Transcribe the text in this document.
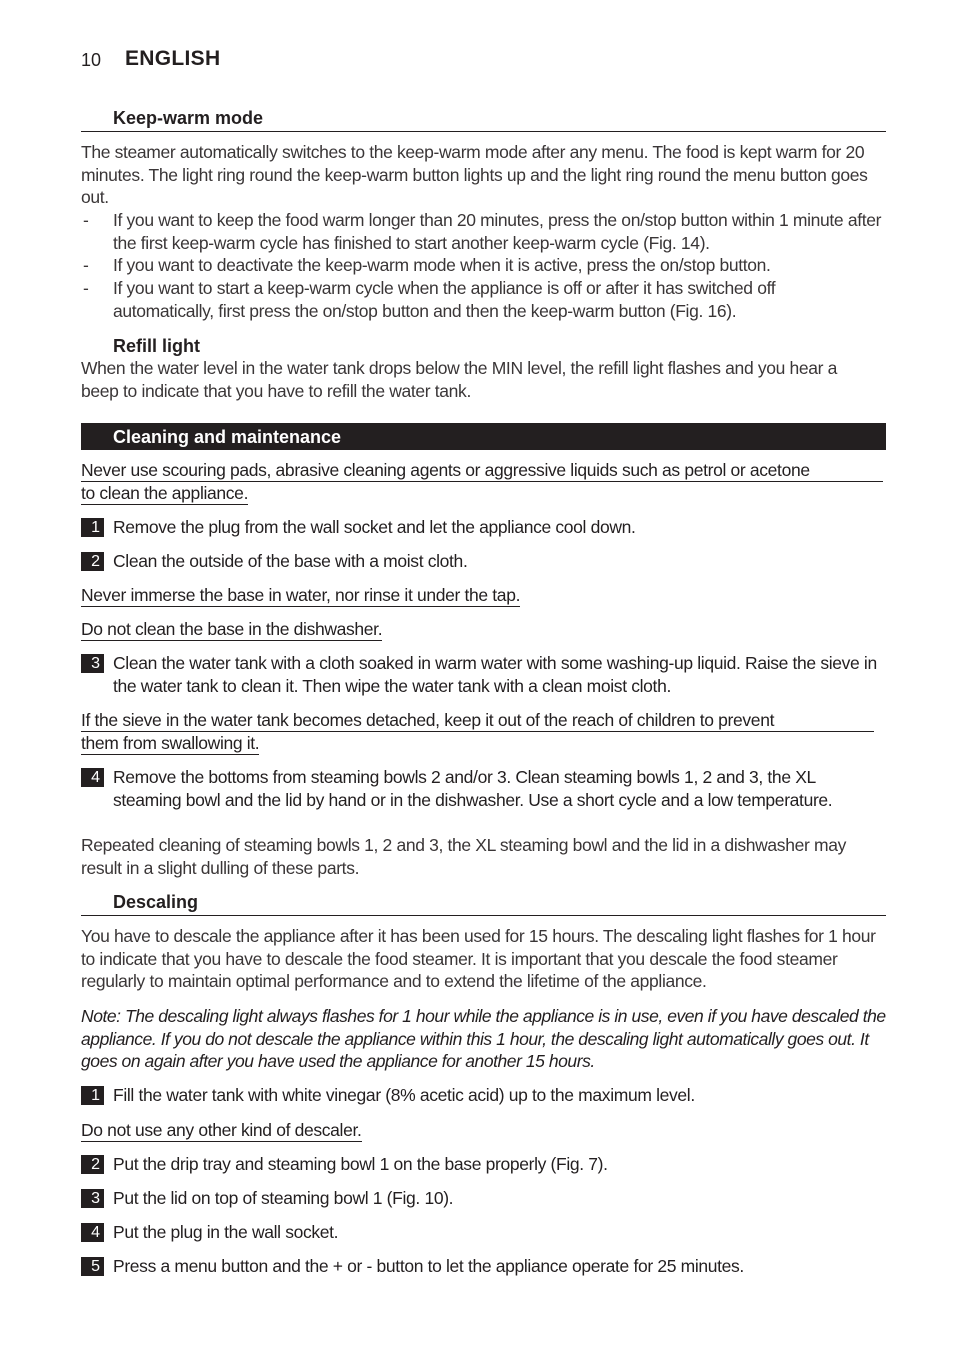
10 ENGLISH
Keep-warm mode
The steamer automatically switches to the keep-warm mode after any menu. The food is kept warm for 20 minutes. The light ring round the keep-warm button lights up and the light ring round the menu button goes out.
- If you want to keep the food warm longer than 20 minutes, press the on/stop button within 1 minute after the first keep-warm cycle has finished to start another keep-warm cycle (Fig. 14).
- If you want to deactivate the keep-warm mode when it is active, press the on/stop button.
- If you want to start a keep-warm cycle when the appliance is off or after it has switched off automatically, first press the on/stop button and then the keep-warm button (Fig. 16).
Refill light
When the water level in the water tank drops below the MIN level, the refill light flashes and you hear a beep to indicate that you have to refill the water tank.
Cleaning and maintenance
Never use scouring pads, abrasive cleaning agents or aggressive liquids such as petrol or acetone
to clean the appliance.
1 Remove the plug from the wall socket and let the appliance cool down.
2 Clean the outside of the base with a moist cloth.
Never immerse the base in water, nor rinse it under the tap.
Do not clean the base in the dishwasher.
3 Clean the water tank with a cloth soaked in warm water with some washing-up liquid. Raise the sieve in the water tank to clean it. Then wipe the water tank with a clean moist cloth.
If the sieve in the water tank becomes detached, keep it out of the reach of children to prevent
them from swallowing it.
4 Remove the bottoms from steaming bowls 2 and/or 3. Clean steaming bowls 1, 2 and 3, the XL steaming bowl and the lid by hand or in the dishwasher. Use a short cycle and a low temperature.
Repeated cleaning of steaming bowls 1, 2 and 3, the XL steaming bowl and the lid in a dishwasher may result in a slight dulling of these parts.
Descaling
You have to descale the appliance after it has been used for 15 hours. The descaling light flashes for 1 hour to indicate that you have to descale the food steamer. It is important that you descale the food steamer regularly to maintain optimal performance and to extend the lifetime of the appliance.
Note: The descaling light always flashes for 1 hour while the appliance is in use, even if you have descaled the appliance. If you do not descale the appliance within this 1 hour, the descaling light automatically goes out. It goes on again after you have used the appliance for another 15 hours.
1 Fill the water tank with white vinegar (8% acetic acid) up to the maximum level.
Do not use any other kind of descaler.
2 Put the drip tray and steaming bowl 1 on the base properly (Fig. 7).
3 Put the lid on top of steaming bowl 1 (Fig. 10).
4 Put the plug in the wall socket.
5 Press a menu button and the + or - button to let the appliance operate for 25 minutes.
